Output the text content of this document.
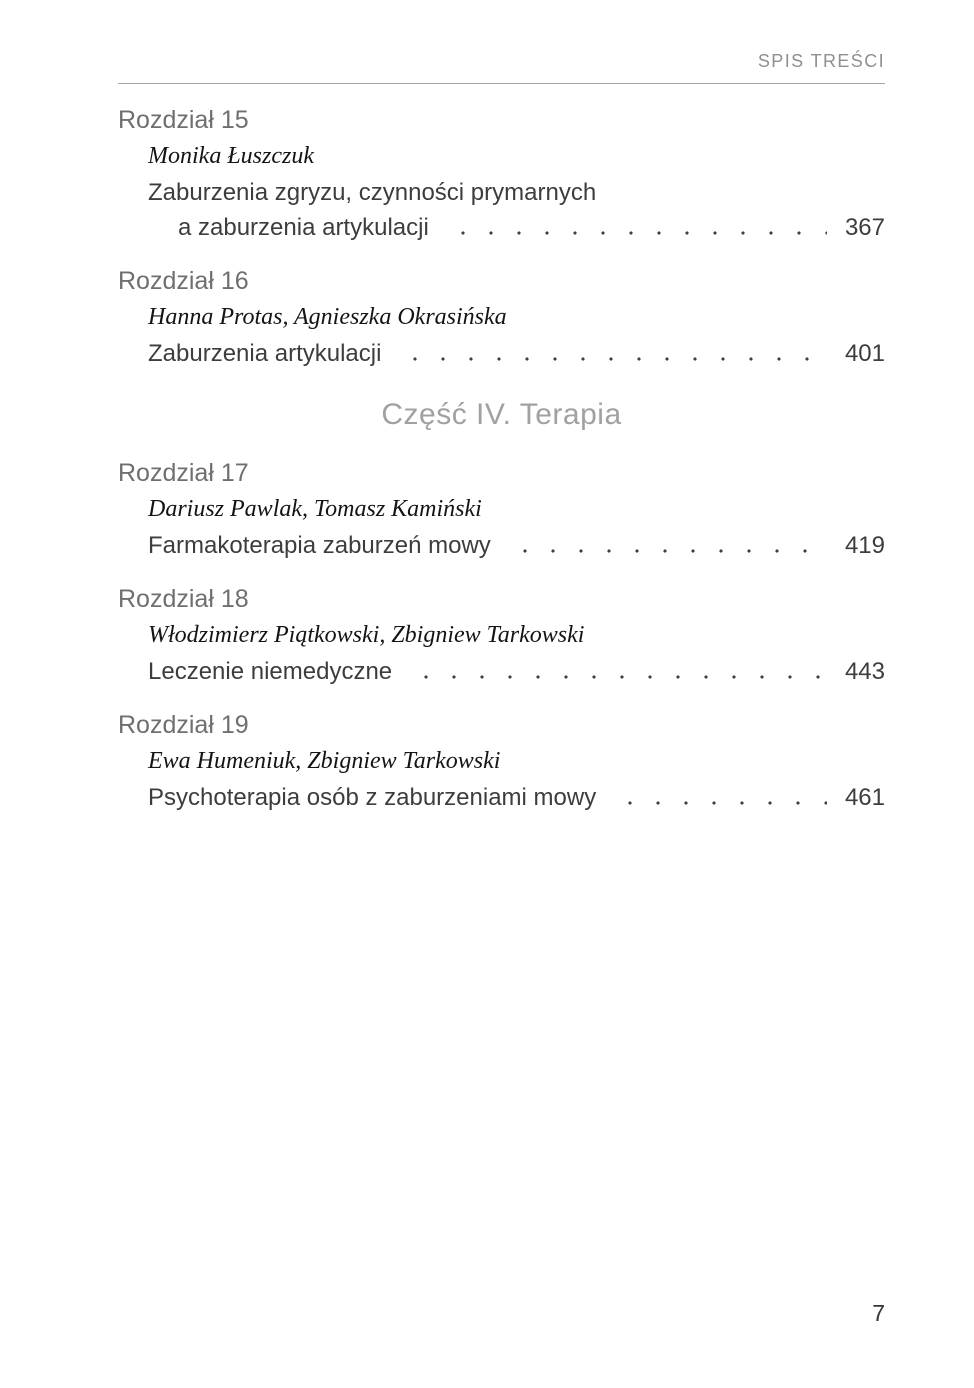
SPIS TREŚCI
Rozdział 15
Monika Łuszczuk
Zaburzenia zgryzu, czynności prymarnych
a zaburzenia artykulacji	367
Rozdział 16
Hanna Protas, Agnieszka Okrasińska
Zaburzenia artykulacji	401
Część IV. Terapia
Rozdział 17
Dariusz Pawlak, Tomasz Kamiński
Farmakoterapia zaburzeń mowy	419
Rozdział 18
Włodzimierz Piątkowski, Zbigniew Tarkowski
Leczenie niemedyczne	443
Rozdział 19
Ewa Humeniuk, Zbigniew Tarkowski
Psychoterapia osób z zaburzeniami mowy	461
7
